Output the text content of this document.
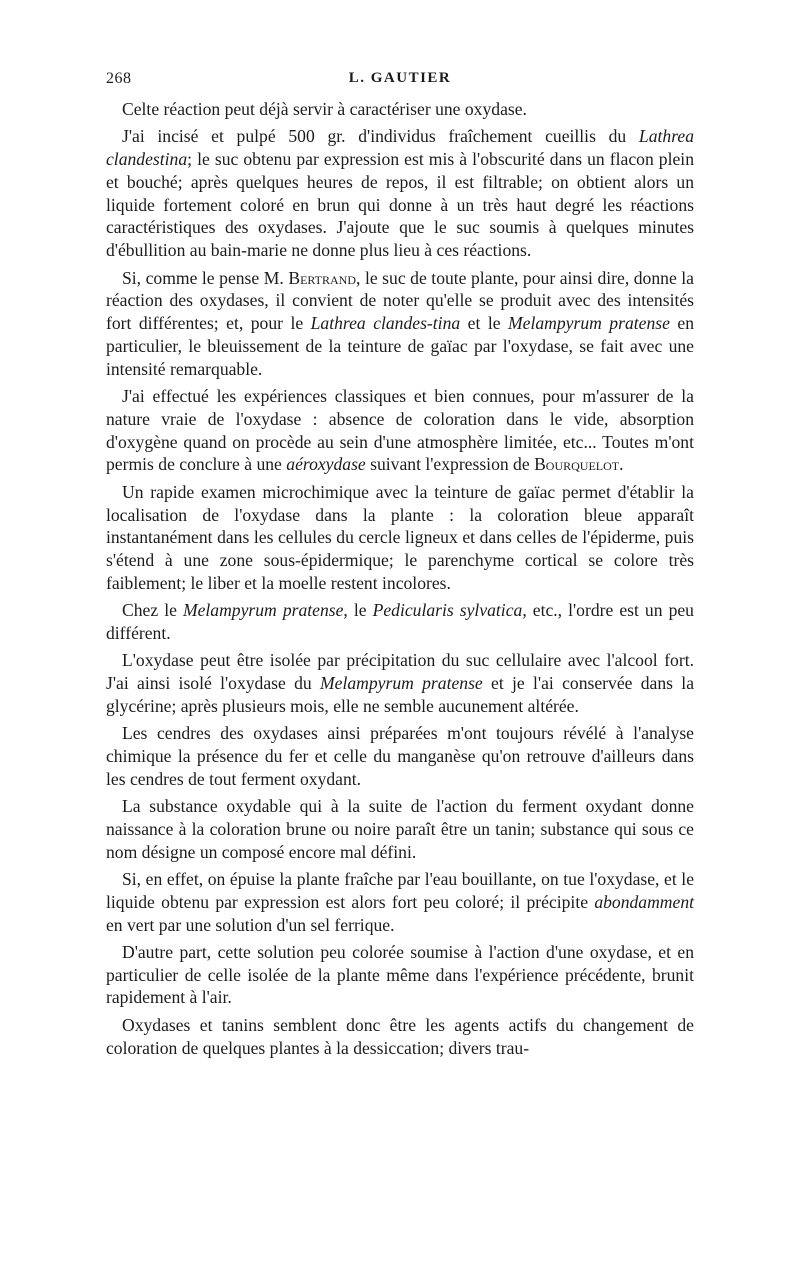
268	L. GAUTIER

Celte réaction peut déjà servir à caractériser une oxydase.

J'ai incisé et pulpé 500 gr. d'individus fraîchement cueillis du Lathrea clandestina; le suc obtenu par expression est mis à l'obscurité dans un flacon plein et bouché; après quelques heures de repos, il est filtrable; on obtient alors un liquide fortement coloré en brun qui donne à un très haut degré les réactions caractéristiques des oxydases. J'ajoute que le suc soumis à quelques minutes d'ébullition au bain-marie ne donne plus lieu à ces réactions.

Si, comme le pense M. Bertrand, le suc de toute plante, pour ainsi dire, donne la réaction des oxydases, il convient de noter qu'elle se produit avec des intensités fort différentes; et, pour le Lathrea clandes-tina et le Melampyrum pratense en particulier, le bleuissement de la teinture de gaïac par l'oxydase, se fait avec une intensité remarquable.

J'ai effectué les expériences classiques et bien connues, pour m'assurer de la nature vraie de l'oxydase : absence de coloration dans le vide, absorption d'oxygène quand on procède au sein d'une atmosphère limitée, etc... Toutes m'ont permis de conclure à une aéroxydase suivant l'expression de Bourquelot.

Un rapide examen microchimique avec la teinture de gaïac permet d'établir la localisation de l'oxydase dans la plante : la coloration bleue apparaît instantanément dans les cellules du cercle ligneux et dans celles de l'épiderme, puis s'étend à une zone sous-épidermique; le parenchyme cortical se colore très faiblement; le liber et la moelle restent incolores.

Chez le Melampyrum pratense, le Pedicularis sylvatica, etc., l'ordre est un peu différent.

L'oxydase peut être isolée par précipitation du suc cellulaire avec l'alcool fort. J'ai ainsi isolé l'oxydase du Melampyrum pratense et je l'ai conservée dans la glycérine; après plusieurs mois, elle ne semble aucunement altérée.

Les cendres des oxydases ainsi préparées m'ont toujours révélé à l'analyse chimique la présence du fer et celle du manganèse qu'on retrouve d'ailleurs dans les cendres de tout ferment oxydant.

La substance oxydable qui à la suite de l'action du ferment oxydant donne naissance à la coloration brune ou noire paraît être un tanin; substance qui sous ce nom désigne un composé encore mal défini.

Si, en effet, on épuise la plante fraîche par l'eau bouillante, on tue l'oxydase, et le liquide obtenu par expression est alors fort peu coloré; il précipite abondamment en vert par une solution d'un sel ferrique.

D'autre part, cette solution peu colorée soumise à l'action d'une oxydase, et en particulier de celle isolée de la plante même dans l'expérience précédente, brunit rapidement à l'air.

Oxydases et tanins semblent donc être les agents actifs du changement de coloration de quelques plantes à la dessiccation; divers trau-
